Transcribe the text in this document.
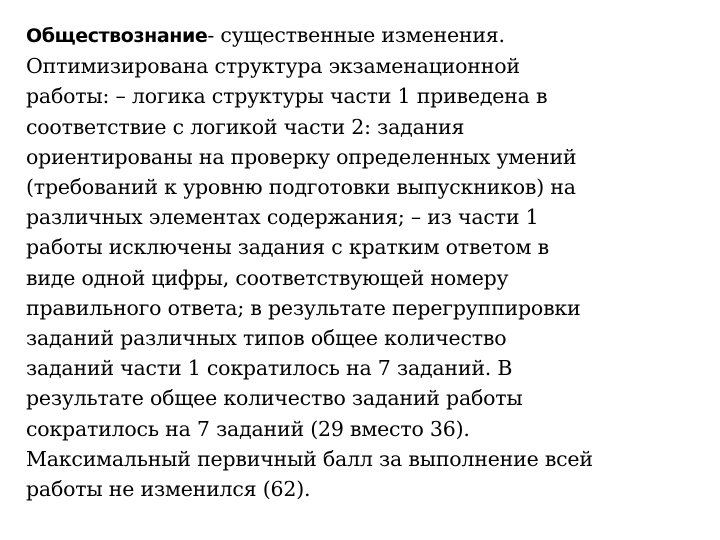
Обществознание- существенные изменения.
Оптимизирована структура экзаменационной
работы: – логика структуры части 1 приведена в
соответствие с логикой части 2: задания
ориентированы на проверку определенных умений
(требований к уровню подготовки выпускников) на
различных элементах содержания; – из части 1
работы исключены задания с кратким ответом в
виде одной цифры, соответствующей номеру
правильного ответа; в результате перегруппировки
заданий различных типов общее количество
заданий части 1 сократилось на 7 заданий. В
результате общее количество заданий работы
сократилось на 7 заданий (29 вместо 36).
Максимальный первичный балл за выполнение всей
работы не изменился (62).
